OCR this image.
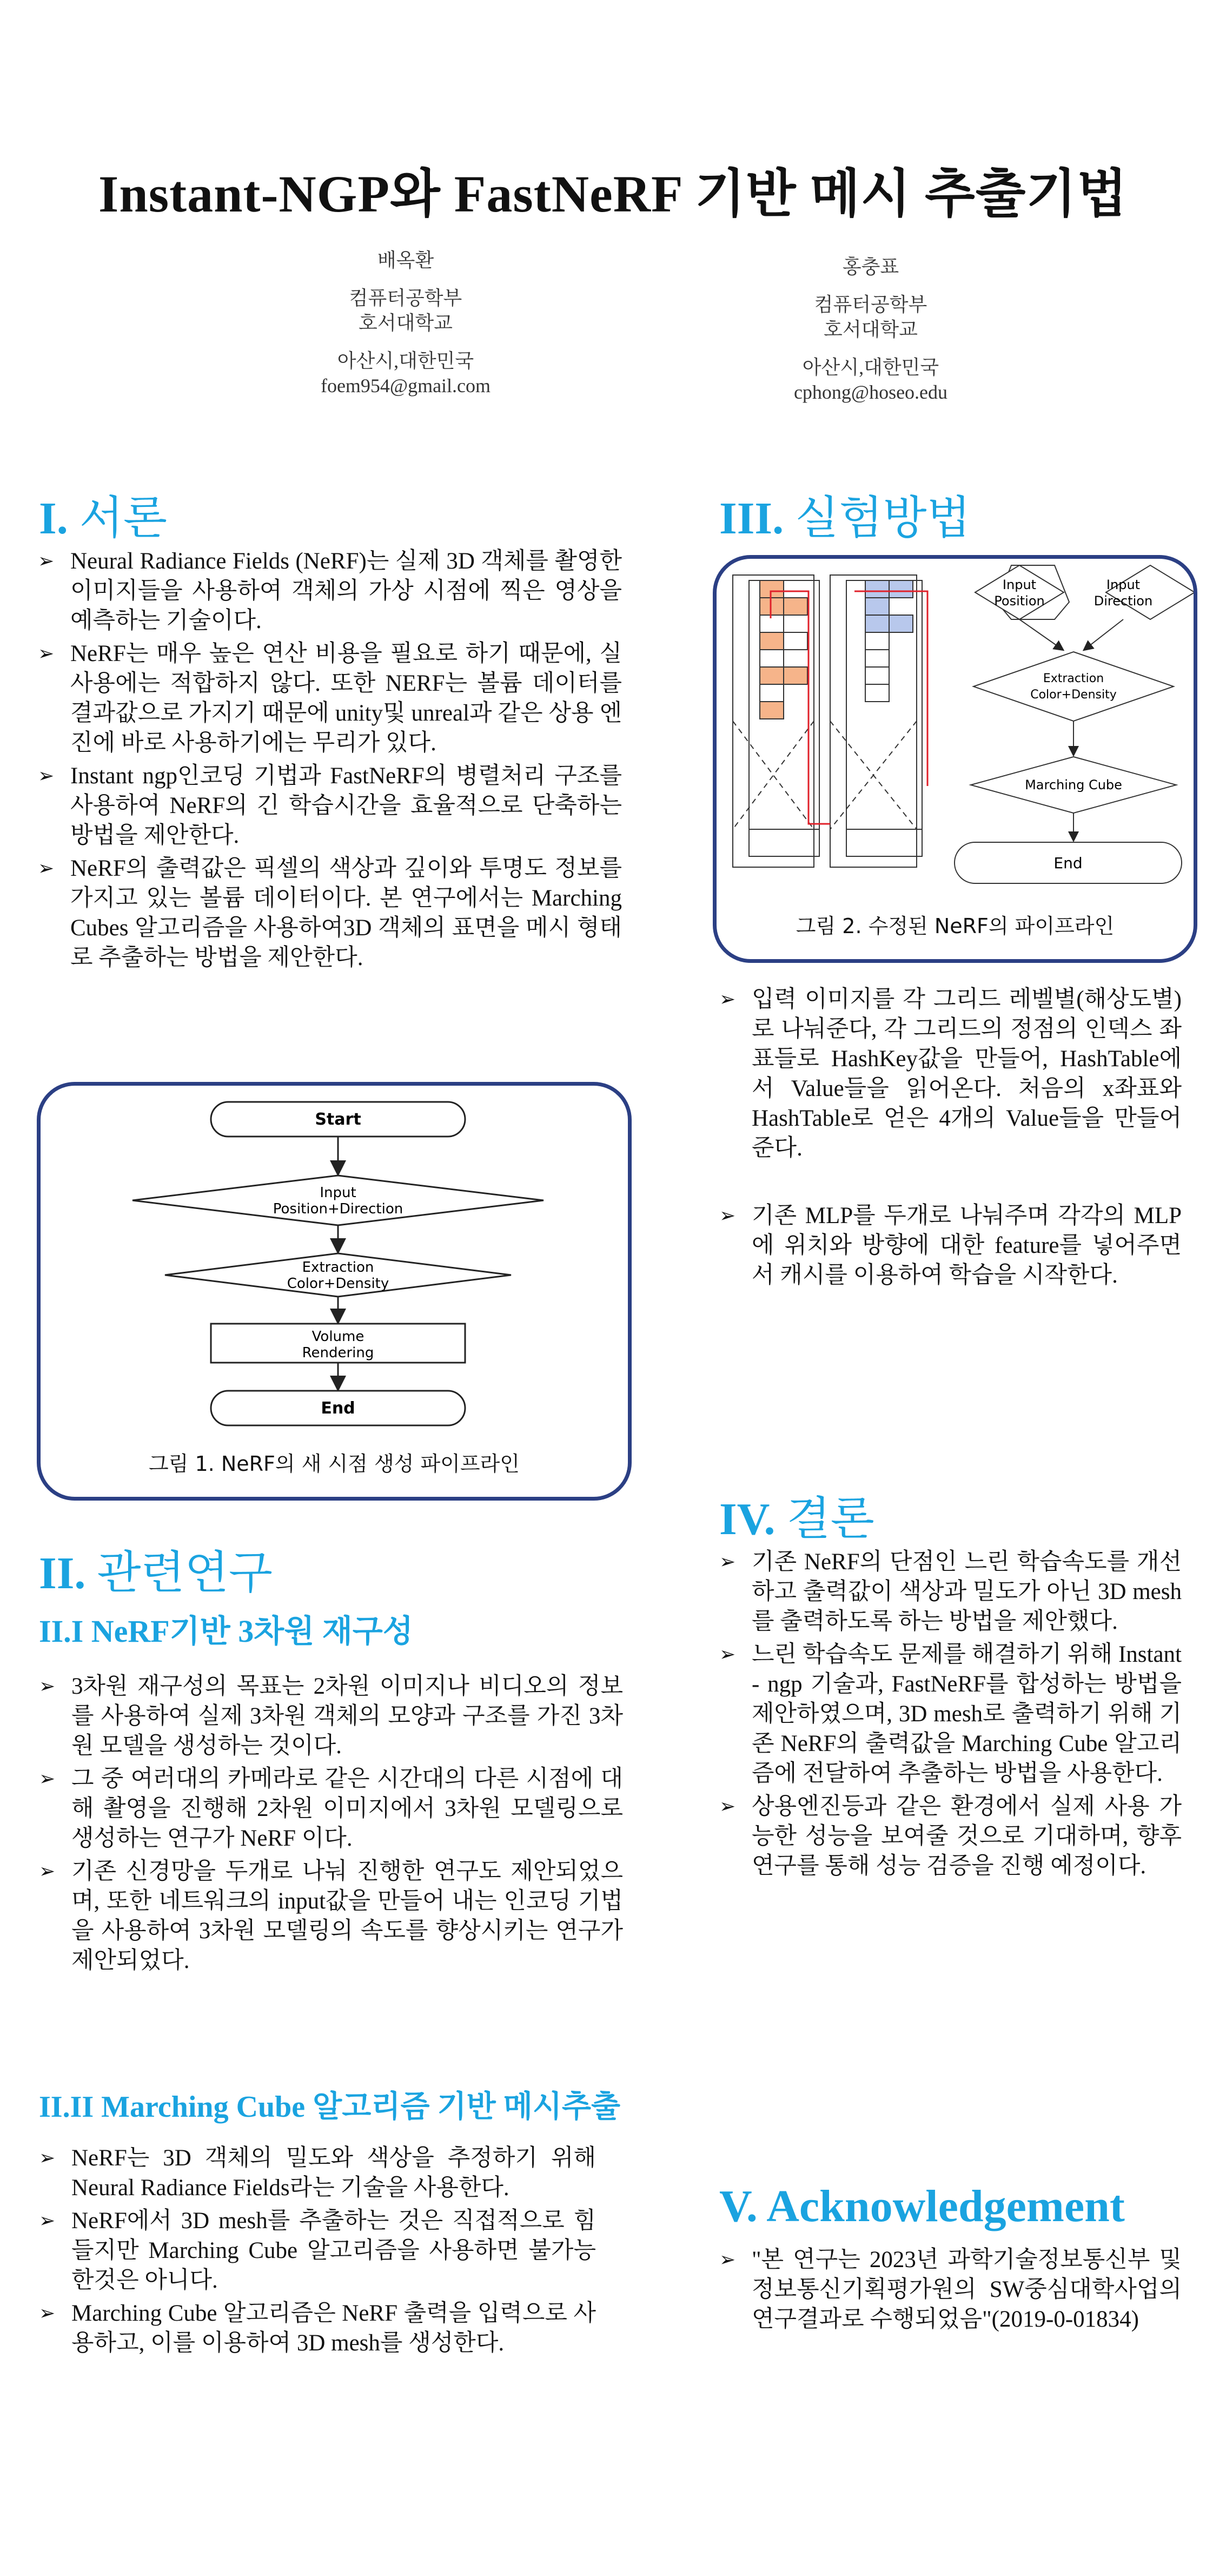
Instant-NGP와 FastNeRF 기반 메시 추출기법
배옥환
컴퓨터공학부
호서대학교
아산시,대한민국
foem954@gmail.com
홍충표
컴퓨터공학부
호서대학교
아산시,대한민국
cphong@hoseo.edu
I. 서론
➢ Neural Radiance Fields (NeRF)는 실제 3D 객체를 촬영한 이미지들을 사용하여 객체의 가상 시점에 찍은 영상을 예측하는 기술이다.
➢ NeRF는 매우 높은 연산 비용을 필요로 하기 때문에, 실사용에는 적합하지 않다. 또한 NERF는 볼륨 데이터를 결과값으로 가지기 때문에 unity및 unreal과 같은 상용 엔진에 바로 사용하기에는 무리가 있다.
➢ Instant ngp인코딩 기법과 FastNeRF의 병렬처리 구조를 사용하여 NeRF의 긴 학습시간을 효율적으로 단축하는 방법을 제안한다.
➢ NeRF의 출력값은 픽셀의 색상과 깊이와 투명도 정보를 가지고 있는 볼륨 데이터이다. 본 연구에서는 Marching Cubes 알고리즘을 사용하여3D 객체의 표면을 메시 형태로 추출하는 방법을 제안한다.
Start
Input
Position+Direction
Extraction
Color+Density
Volume
Rendering
End
그림 1. NeRF의 새 시점 생성 파이프라인
II. 관련연구
II.I NeRF기반 3차원 재구성
➢ 3차원 재구성의 목표는 2차원 이미지나 비디오의 정보를 사용하여 실제 3차원 객체의 모양과 구조를 가진 3차원 모델을 생성하는 것이다.
➢ 그 중 여러대의 카메라로 같은 시간대의 다른 시점에 대해 촬영을 진행해 2차원 이미지에서 3차원 모델링으로 생성하는 연구가 NeRF 이다.
➢ 기존 신경망을 두개로 나눠 진행한 연구도 제안되었으며, 또한 네트워크의 input값을 만들어 내는 인코딩 기법을 사용하여 3차원 모델링의 속도를 향상시키는 연구가 제안되었다.
II.II Marching Cube 알고리즘 기반 메시추출
➢ NeRF는 3D 객체의 밀도와 색상을 추정하기 위해 Neural Radiance Fields라는 기술을 사용한다.
➢ NeRF에서 3D mesh를 추출하는 것은 직접적으로 힘들지만 Marching Cube 알고리즘을 사용하면 불가능한것은 아니다.
➢ Marching Cube 알고리즘은 NeRF 출력을 입력으로 사용하고, 이를 이용하여 3D mesh를 생성한다.
III. 실험방법
Input
Position
Input
Direction
Extraction
Color+Density
Marching Cube
End
그림 2. 수정된 NeRF의 파이프라인
➢ 입력 이미지를 각 그리드 레벨별(해상도별)로 나눠준다, 각 그리드의 정점의 인덱스 좌표들로 HashKey값을 만들어, HashTable에서 Value들을 읽어온다. 처음의 x좌표와 HashTable로 얻은 4개의 Value들을 만들어준다.
➢ 기존 MLP를 두개로 나눠주며 각각의 MLP에 위치와 방향에 대한 feature를 넣어주면서 캐시를 이용하여 학습을 시작한다.
IV. 결론
➢ 기존 NeRF의 단점인 느린 학습속도를 개선하고 출력값이 색상과 밀도가 아닌 3D mesh를 출력하도록 하는 방법을 제안했다.
➢ 느린 학습속도 문제를 해결하기 위해 Instant - ngp 기술과, FastNeRF를 합성하는 방법을 제안하였으며, 3D mesh로 출력하기 위해 기존 NeRF의 출력값을 Marching Cube 알고리즘에 전달하여 추출하는 방법을 사용한다.
➢ 상용엔진등과 같은 환경에서 실제 사용 가능한 성능을 보여줄 것으로 기대하며, 향후 연구를 통해 성능 검증을 진행 예정이다.
V. Acknowledgement
➢ "본 연구는 2023년 과학기술정보통신부 및 정보통신기획평가원의 SW중심대학사업의 연구결과로 수행되었음"(2019-0-01834)
